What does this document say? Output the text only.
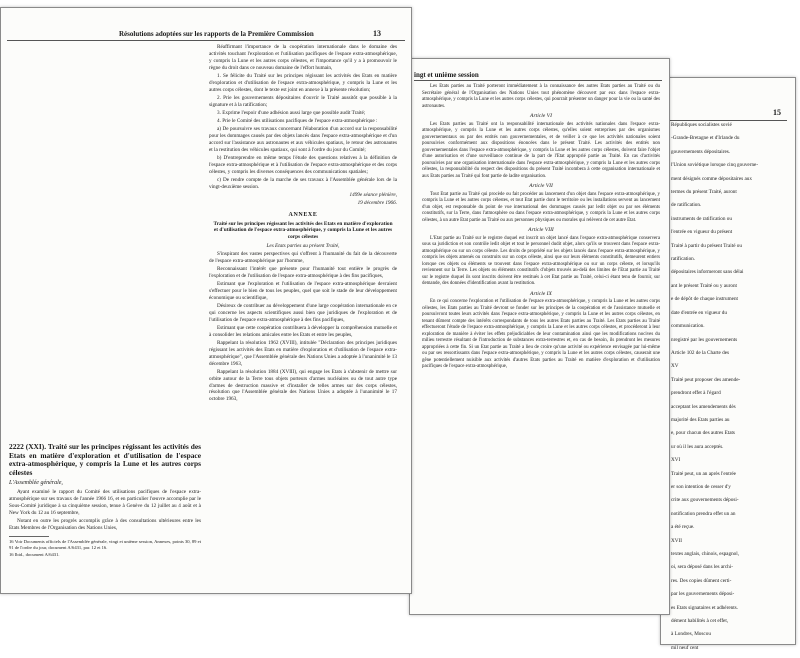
15
Républiques socialistes sovié
-Grande-Bretagne et d'Irlande du
gouvernements dépositaires.
l'Union soviétique lorsque cinq gouverne-
ment désignés comme dépositaires aux
termes du présent Traité, auront
de ratification.
instruments de ratification ou
l'entrée en vigueur du présent
Traité à partir du présent Traité ou
ratification.
dépositaires informeront sans délai
ant le présent Traité ou y auront
e de dépôt de chaque instrument
date d'entrée en vigueur du
communication.
nregistré par les gouvernements
Article 102 de la Charte des
XV
Traité peut proposer des amende-
prendront effet à l'égard
acceptant les amendements dès
majorité des Etats parties au
e, pour chacun des autres Etats
ur où il les aura acceptés.
XVI
Traité peut, un an après l'entrée
er son intention de cesser d'y
crite aux gouvernements déposi-
notification prendra effet un an
a été reçue.
XVII
textes anglais, chinois, espagnol,
oi, sera déposé dans les archi-
res. Des copies dûment certi-
par les gouvernements déposi-
es Etats signataires et adhérents.
dément habilités à cet effet,
à Londres, Moscou
mil neuf cent
ingt et unième session

Les Etats parties au Traité porteront immédiatement à la connaissance des autres Etats parties au Traité ou du Secrétaire général de l'Organisation des Nations Unies tout phénomène découvert par eux dans l'espace extra-atmosphérique, y compris la Lune et les autres corps célestes, qui pourrait présenter un danger pour la vie ou la santé des astronautes.

Article VI

Les Etats parties au Traité ont la responsabilité internationale des activités nationales dans l'espace extra-atmosphérique, y compris la Lune et les autres corps célestes, qu'elles soient entreprises par des organismes gouvernementaux ou par des entités non gouvernementales, et de veiller à ce que les activités nationales soient poursuivies conformément aux dispositions énoncées dans le présent Traité. Les activités des entités non gouvernementales dans l'espace extra-atmosphérique, y compris la Lune et les autres corps célestes, doivent faire l'objet d'une autorisation et d'une surveillance continue de la part de l'Etat approprié partie au Traité. En cas d'activités poursuivies par une organisation internationale dans l'espace extra-atmosphérique, y compris la Lune et les autres corps célestes, la responsabilité du respect des dispositions du présent Traité incombera à cette organisation internationale et aux Etats parties au Traité qui font partie de ladite organisation.

Article VII

Tout Etat partie au Traité qui procède ou fait procéder au lancement d'un objet dans l'espace extra-atmosphérique, y compris la Lune et les autres corps célestes, et tout Etat partie dont le territoire ou les installations servent au lancement d'un objet, est responsable du point de vue international des dommages causés par ledit objet ou par ses éléments constitutifs, sur la Terre, dans l'atmosphère ou dans l'espace extra-atmosphérique, y compris la Lune et les autres corps célestes, à un autre Etat partie au Traité ou aux personnes physiques ou morales qui relèvent de cet autre Etat.

Article VIII

L'Etat partie au Traité sur le registre duquel est inscrit un objet lancé dans l'espace extra-atmosphérique conservera sous sa juridiction et son contrôle ledit objet et tout le personnel dudit objet, alors qu'ils se trouvent dans l'espace extra-atmosphérique ou sur un corps céleste. Les droits de propriété sur les objets lancés dans l'espace extra-atmosphérique, y compris les objets amenés ou construits sur un corps céleste, ainsi que sur leurs éléments constitutifs, demeurent entiers lorsque ces objets ou éléments se trouvent dans l'espace extra-atmosphérique ou sur un corps céleste, et lorsqu'ils reviennent sur la Terre. Les objets ou éléments constitutifs d'objets trouvés au-delà des limites de l'Etat partie au Traité sur le registre duquel ils sont inscrits doivent être restitués à cet Etat partie au Traité, celui-ci étant tenu de fournir, sur demande, des données d'identification avant la restitution.

Article IX

En ce qui concerne l'exploration et l'utilisation de l'espace extra-atmosphérique, y compris la Lune et les autres corps célestes, les Etats parties au Traité devront se fonder sur les principes de la coopération et de l'assistance mutuelle et poursuivront toutes leurs activités dans l'espace extra-atmosphérique, y compris la Lune et les autres corps célestes, en tenant dûment compte des intérêts correspondants de tous les autres Etats parties au Traité. Les Etats parties au Traité effectueront l'étude de l'espace extra-atmosphérique, y compris la Lune et les autres corps célestes, et procéderont à leur exploration de manière à éviter les effets préjudiciables de leur contamination ainsi que les modifications nocives du milieu terrestre résultant de l'introduction de substances extra-terrestres et, en cas de besoin, ils prendront les mesures appropriées à cette fin. Si un Etat partie au Traité a lieu de croire qu'une activité ou expérience envisagée par lui-même ou par ses ressortissants dans l'espace extra-atmosphérique, y compris la Lune et les autres corps célestes, causerait une gêne potentiellement nuisible aux activités d'autres Etats parties au Traité en matière d'exploration et d'utilisation pacifiques de l'espace extra-atmosphérique,

Résolutions adoptées sur les rapports de la Première Commission	13

Réaffirmant l'importance de la coopération internationale dans le domaine des activités touchant l'exploration et l'utilisation pacifiques de l'espace extra-atmosphérique, y compris la Lune et les autres corps célestes, et l'importance qu'il y a à promouvoir le règne du droit dans ce nouveau domaine de l'effort humain,

1. Se félicite du Traité sur les principes régissant les activités des Etats en matière d'exploration et d'utilisation de l'espace extra-atmosphérique, y compris la Lune et les autres corps célestes, dont le texte est joint en annexe à la présente résolution;

2. Prie les gouvernements dépositaires d'ouvrir le Traité aussitôt que possible à la signature et à la ratification;

3. Exprime l'espoir d'une adhésion aussi large que possible audit Traité;

4. Prie le Comité des utilisations pacifiques de l'espace extra-atmosphérique :

a) De poursuivre ses travaux concernant l'élaboration d'un accord sur la responsabilité pour les dommages causés par des objets lancés dans l'espace extra-atmosphérique et d'un accord sur l'assistance aux astronautes et aux véhicules spatiaux, le retour des astronautes et la restitution des véhicules spatiaux, qui sont à l'ordre du jour du Comité;

b) D'entreprendre en même temps l'étude des questions relatives à la définition de l'espace extra-atmosphérique et à l'utilisation de l'espace extra-atmosphérique et des corps célestes, y compris les diverses conséquences des communications spatiales;

c) De rendre compte de la marche de ses travaux à l'Assemblée générale lors de la vingt-deuxième session.

1499e séance plénière,

19 décembre 1966.

ANNEXE
Traité sur les principes régissant les activités des Etats en matière d'exploration et d'utilisation de l'espace extra-atmosphérique, y compris la Lune et les autres corps célestes

Les Etats parties au présent Traité,

S'inspirant des vastes perspectives qui s'offrent à l'humanité du fait de la découverte de l'espace extra-atmosphérique par l'homme,

Reconnaissant l'intérêt que présente pour l'humanité tout entière le progrès de l'exploration et de l'utilisation de l'espace extra-atmosphérique à des fins pacifiques,

Estimant que l'exploration et l'utilisation de l'espace extra-atmosphérique devraient s'effectuer pour le bien de tous les peuples, quel que soit le stade de leur développement économique ou scientifique,

Désireux de contribuer au développement d'une large coopération internationale en ce qui concerne les aspects scientifiques aussi bien que juridiques de l'exploration et de l'utilisation de l'espace extra-atmosphérique à des fins pacifiques,

Estimant que cette coopération contribuera à développer la compréhension mutuelle et à consolider les relations amicales entre les Etats et entre les peuples,

Rappelant la résolution 1962 (XVIII), intitulée "Déclaration des principes juridiques régissant les activités des Etats en matière d'exploration et d'utilisation de l'espace extra-atmosphérique", que l'Assemblée générale des Nations Unies a adoptée à l'unanimité le 13 décembre 1963,

Rappelant la résolution 1884 (XVIII), qui engage les Etats à s'abstenir de mettre sur orbite autour de la Terre tous objets porteurs d'armes nucléaires ou de tout autre type d'armes de destruction massive et d'installer de telles armes sur des corps célestes, résolution que l'Assemblée générale des Nations Unies a adoptée à l'unanimité le 17 octobre 1963,

2222 (XXI). Traité sur les principes régissant les activités des Etats en matière d'exploration et d'utilisation de l'espace extra-atmosphérique, y compris la Lune et les autres corps célestes

L'Assemblée générale,

Ayant examiné le rapport du Comité des utilisations pacifiques de l'espace extra-atmosphérique sur ses travaux de l'année 1966 16, et en particulier l'œuvre accomplie par le Sous-Comité juridique à sa cinquième session, tenue à Genève du 12 juillet au 4 août et à New York du 12 au 16 septembre,

Notant en outre les progrès accomplis grâce à des consultations ultérieures entre les Etats Membres de l'Organisation des Nations Unies,

16 Voir Documents officiels de l'Assemblée générale, vingt et unième session, Annexes, points 30, 89 et 91 de l'ordre du jour, document A/6431, par. 12 et 16.

16 Ibid., document A/6431.
